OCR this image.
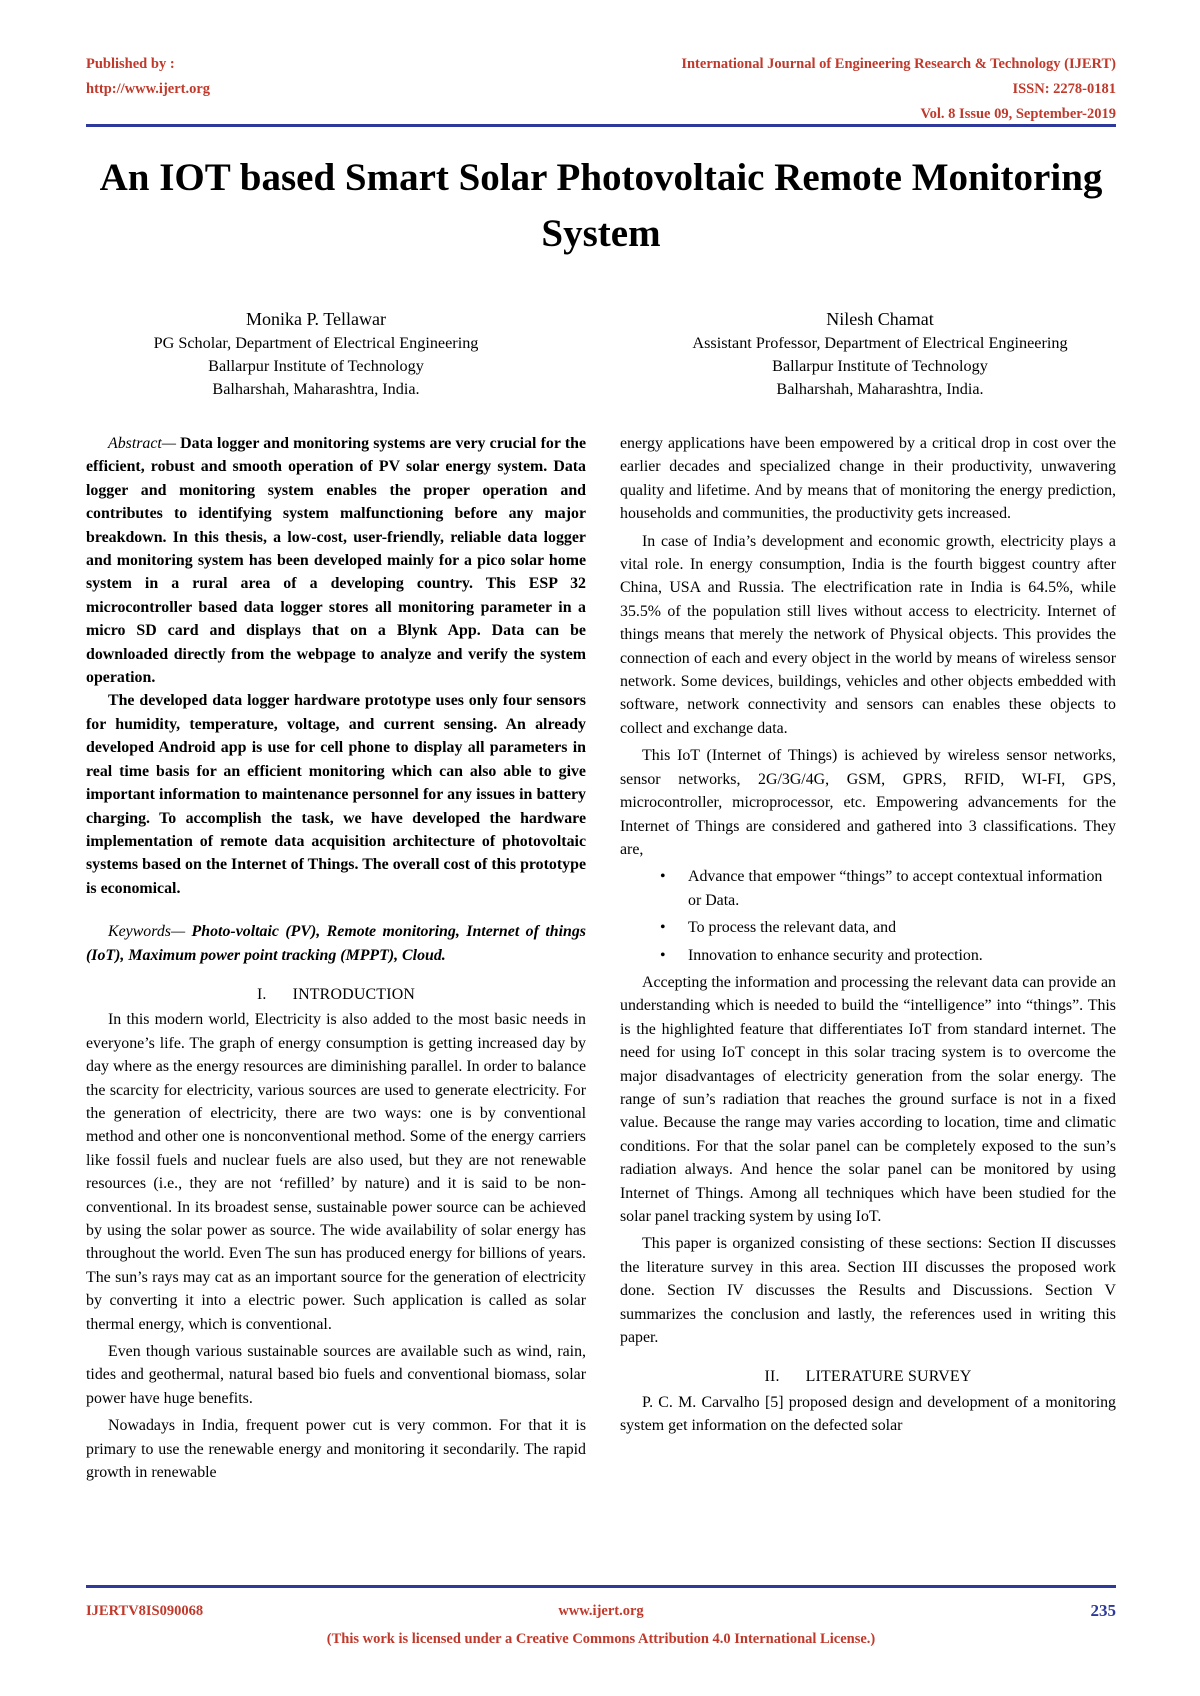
Published by :
http://www.ijert.org
International Journal of Engineering Research & Technology (IJERT)
ISSN: 2278-0181
Vol. 8 Issue 09, September-2019
An IOT based Smart Solar Photovoltaic Remote Monitoring System
Monika P. Tellawar
PG Scholar, Department of Electrical Engineering
Ballarpur Institute of Technology
Balharshah, Maharashtra, India.
Nilesh Chamat
Assistant Professor, Department of Electrical Engineering
Ballarpur Institute of Technology
Balharshah, Maharashtra, India.

Abstract— Data logger and monitoring systems are very crucial for the efficient, robust and smooth operation of PV solar energy system. Data logger and monitoring system enables the proper operation and contributes to identifying system malfunctioning before any major breakdown. In this thesis, a low-cost, user-friendly, reliable data logger and monitoring system has been developed mainly for a pico solar home system in a rural area of a developing country. This ESP 32 microcontroller based data logger stores all monitoring parameter in a micro SD card and displays that on a Blynk App. Data can be downloaded directly from the webpage to analyze and verify the system operation.

The developed data logger hardware prototype uses only four sensors for humidity, temperature, voltage, and current sensing. An already developed Android app is use for cell phone to display all parameters in real time basis for an efficient monitoring which can also able to give important information to maintenance personnel for any issues in battery charging. To accomplish the task, we have developed the hardware implementation of remote data acquisition architecture of photovoltaic systems based on the Internet of Things. The overall cost of this prototype is economical.

Keywords— Photo-voltaic (PV), Remote monitoring, Internet of things (IoT), Maximum power point tracking (MPPT), Cloud.

I. INTRODUCTION

In this modern world, Electricity is also added to the most basic needs in everyone’s life. The graph of energy consumption is getting increased day by day where as the energy resources are diminishing parallel. In order to balance the scarcity for electricity, various sources are used to generate electricity. For the generation of electricity, there are two ways: one is by conventional method and other one is nonconventional method. Some of the energy carriers like fossil fuels and nuclear fuels are also used, but they are not renewable resources (i.e., they are not ‘refilled’ by nature) and it is said to be non-conventional. In its broadest sense, sustainable power source can be achieved by using the solar power as source. The wide availability of solar energy has throughout the world. Even The sun has produced energy for billions of years. The sun’s rays may cat as an important source for the generation of electricity by converting it into a electric power. Such application is called as solar thermal energy, which is conventional.

Even though various sustainable sources are available such as wind, rain, tides and geothermal, natural based bio fuels and conventional biomass, solar power have huge benefits.

Nowadays in India, frequent power cut is very common. For that it is primary to use the renewable energy and monitoring it secondarily. The rapid growth in renewable

energy applications have been empowered by a critical drop in cost over the earlier decades and specialized change in their productivity, unwavering quality and lifetime. And by means that of monitoring the energy prediction, households and communities, the productivity gets increased.

In case of India’s development and economic growth, electricity plays a vital role. In energy consumption, India is the fourth biggest country after China, USA and Russia. The electrification rate in India is 64.5%, while 35.5% of the population still lives without access to electricity. Internet of things means that merely the network of Physical objects. This provides the connection of each and every object in the world by means of wireless sensor network. Some devices, buildings, vehicles and other objects embedded with software, network connectivity and sensors can enables these objects to collect and exchange data.

This IoT (Internet of Things) is achieved by wireless sensor networks, sensor networks, 2G/3G/4G, GSM, GPRS, RFID, WI-FI, GPS, microcontroller, microprocessor, etc. Empowering advancements for the Internet of Things are considered and gathered into 3 classifications. They are,

• Advance that empower “things” to accept contextual information or Data.
• To process the relevant data, and
• Innovation to enhance security and protection.

Accepting the information and processing the relevant data can provide an understanding which is needed to build the “intelligence” into “things”. This is the highlighted feature that differentiates IoT from standard internet. The need for using IoT concept in this solar tracing system is to overcome the major disadvantages of electricity generation from the solar energy. The range of sun’s radiation that reaches the ground surface is not in a fixed value. Because the range may varies according to location, time and climatic conditions. For that the solar panel can be completely exposed to the sun’s radiation always. And hence the solar panel can be monitored by using Internet of Things. Among all techniques which have been studied for the solar panel tracking system by using IoT.

This paper is organized consisting of these sections: Section II discusses the literature survey in this area. Section III discusses the proposed work done. Section IV discusses the Results and Discussions. Section V summarizes the conclusion and lastly, the references used in writing this paper.

II. LITERATURE SURVEY

P. C. M. Carvalho [5] proposed design and development of a monitoring system get information on the defected solar

IJERTV8IS090068	www.ijert.org	235
(This work is licensed under a Creative Commons Attribution 4.0 International License.)
